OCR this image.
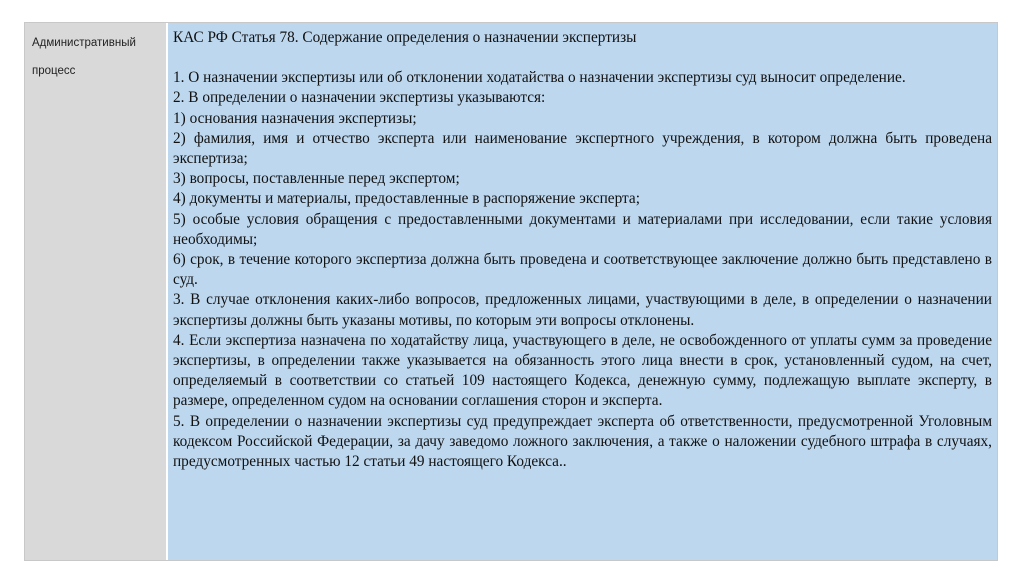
Административный процесс

КАС РФ Статья 78. Содержание определения о назначении экспертизы

1. О назначении экспертизы или об отклонении ходатайства о назначении экспертизы суд выносит определение.

2. В определении о назначении экспертизы указываются:

1) основания назначения экспертизы;

2) фамилия, имя и отчество эксперта или наименование экспертного учреждения, в котором должна быть проведена экспертиза;

3) вопросы, поставленные перед экспертом;

4) документы и материалы, предоставленные в распоряжение эксперта;

5) особые условия обращения с предоставленными документами и материалами при исследовании, если такие условия необходимы;

6) срок, в течение которого экспертиза должна быть проведена и соответствующее заключение должно быть представлено в суд.

3. В случае отклонения каких-либо вопросов, предложенных лицами, участвующими в деле, в определении о назначении экспертизы должны быть указаны мотивы, по которым эти вопросы отклонены.

4. Если экспертиза назначена по ходатайству лица, участвующего в деле, не освобожденного от уплаты сумм за проведение экспертизы, в определении также указывается на обязанность этого лица внести в срок, установленный судом, на счет, определяемый в соответствии со статьей 109 настоящего Кодекса, денежную сумму, подлежащую выплате эксперту, в размере, определенном судом на основании соглашения сторон и эксперта.

5. В определении о назначении экспертизы суд предупреждает эксперта об ответственности, предусмотренной Уголовным кодексом Российской Федерации, за дачу заведомо ложного заключения, а также о наложении судебного штрафа в случаях, предусмотренных частью 12 статьи 49 настоящего Кодекса..
